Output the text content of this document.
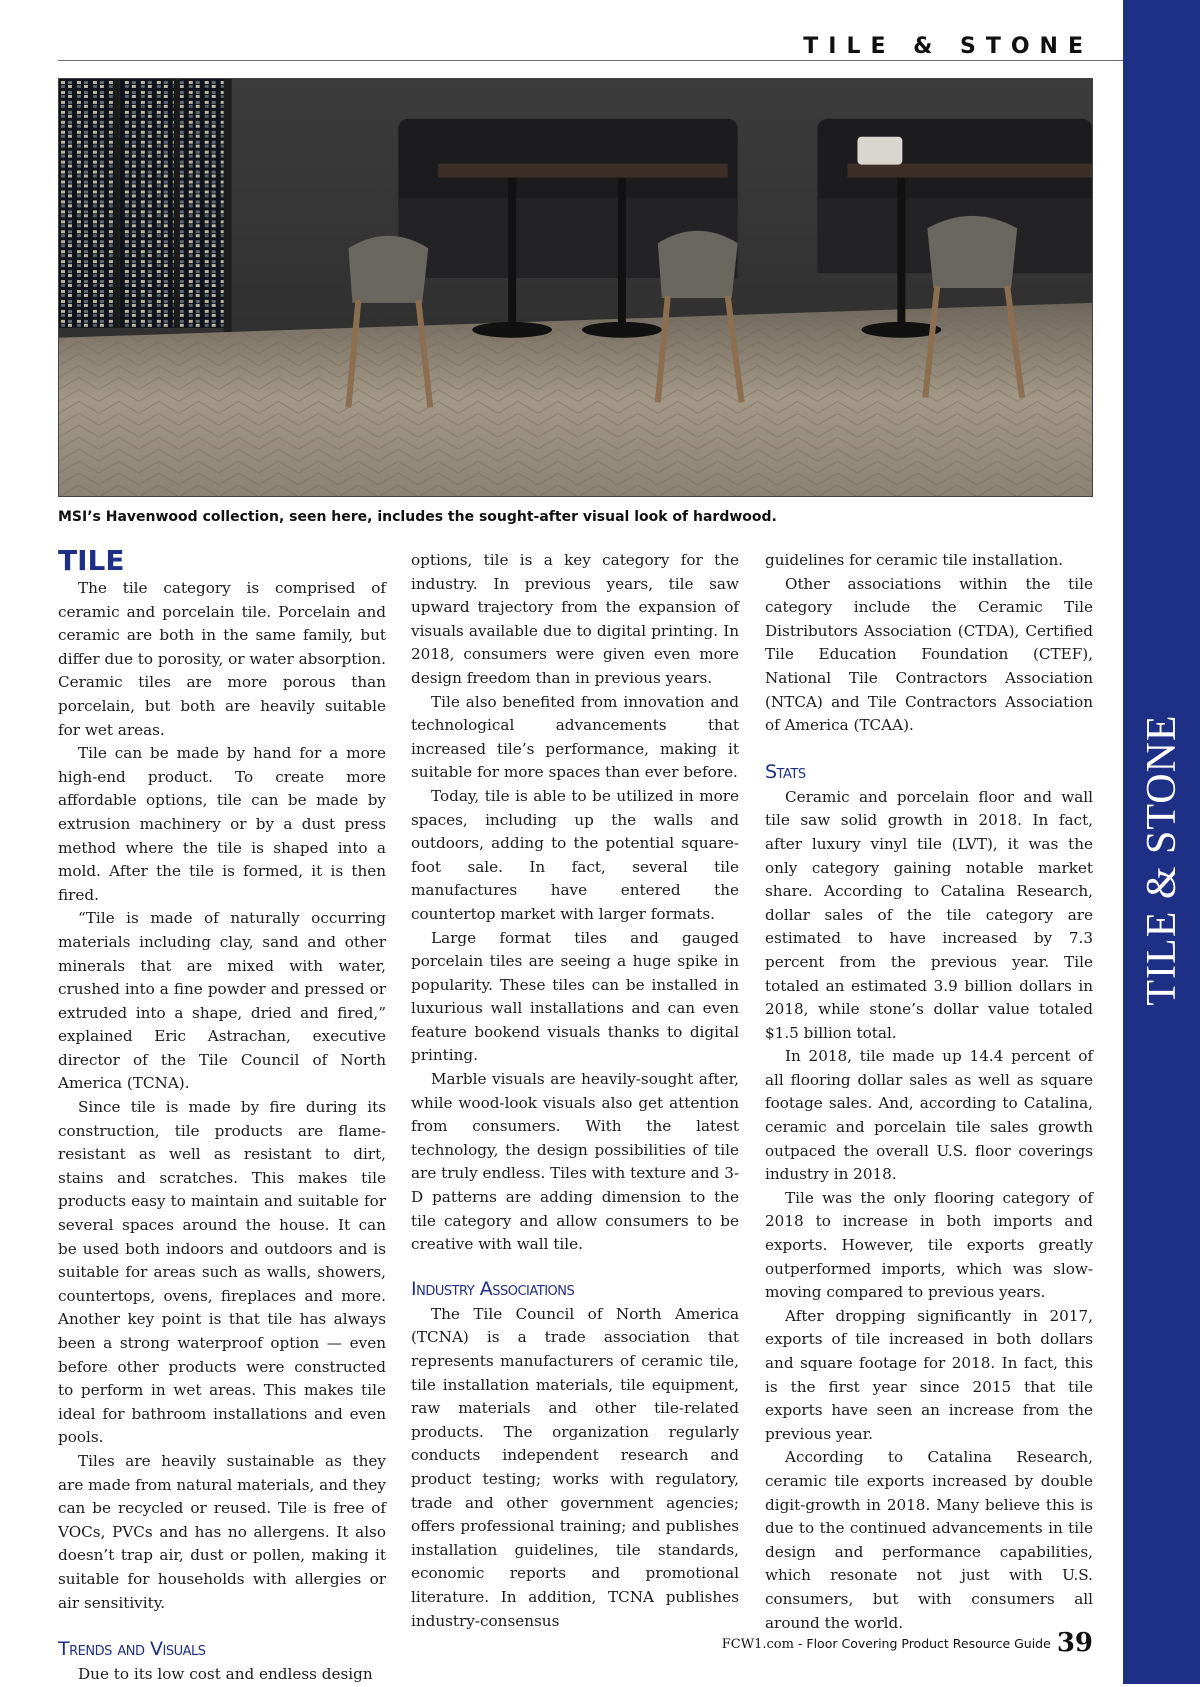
TILE & STONE
TILE & STONE
MSI’s Havenwood collection, seen here, includes the sought-after visual look of hardwood.
TILE

The tile category is comprised of ceramic and porcelain tile. Porcelain and ceramic are both in the same family, but differ due to porosity, or water absorption. Ceramic tiles are more porous than porcelain, but both are heavily suitable for wet areas.

Tile can be made by hand for a more high-end product. To create more affordable options, tile can be made by extrusion machinery or by a dust press method where the tile is shaped into a mold. After the tile is formed, it is then fired.

“Tile is made of naturally occurring materials including clay, sand and other minerals that are mixed with water, crushed into a fine powder and pressed or extruded into a shape, dried and fired,” explained Eric Astrachan, executive director of the Tile Council of North America (TCNA).

Since tile is made by fire during its construction, tile products are flame-resistant as well as resistant to dirt, stains and scratches. This makes tile products easy to maintain and suitable for several spaces around the house. It can be used both indoors and outdoors and is suitable for areas such as walls, showers, countertops, ovens, fireplaces and more. Another key point is that tile has always been a strong waterproof option — even before other products were constructed to perform in wet areas. This makes tile ideal for bathroom installations and even pools.

Tiles are heavily sustainable as they are made from natural materials, and they can be recycled or reused. Tile is free of VOCs, PVCs and has no allergens. It also doesn’t trap air, dust or pollen, making it suitable for households with allergies or air sensitivity.

Trends and Visuals

Due to its low cost and endless design

options, tile is a key category for the industry. In previous years, tile saw upward trajectory from the expansion of visuals available due to digital printing. In 2018, consumers were given even more design freedom than in previous years.

Tile also benefited from innovation and technological advancements that increased tile’s performance, making it suitable for more spaces than ever before.

Today, tile is able to be utilized in more spaces, including up the walls and outdoors, adding to the potential square-foot sale. In fact, several tile manufactures have entered the countertop market with larger formats.

Large format tiles and gauged porcelain tiles are seeing a huge spike in popularity. These tiles can be installed in luxurious wall installations and can even feature bookend visuals thanks to digital printing.

Marble visuals are heavily-sought after, while wood-look visuals also get attention from consumers. With the latest technology, the design possibilities of tile are truly endless. Tiles with texture and 3-D patterns are adding dimension to the tile category and allow consumers to be creative with wall tile.

Industry Associations

The Tile Council of North America (TCNA) is a trade association that represents manufacturers of ceramic tile, tile installation materials, tile equipment, raw materials and other tile-related products. The organization regularly conducts independent research and product testing; works with regulatory, trade and other government agencies; offers professional training; and publishes installation guidelines, tile standards, economic reports and promotional literature. In addition, TCNA publishes industry-consensus

guidelines for ceramic tile installation.

Other associations within the tile category include the Ceramic Tile Distributors Association (CTDA), Certified Tile Education Foundation (CTEF), National Tile Contractors Association (NTCA) and Tile Contractors Association of America (TCAA).

Stats

Ceramic and porcelain floor and wall tile saw solid growth in 2018. In fact, after luxury vinyl tile (LVT), it was the only category gaining notable market share. According to Catalina Research, dollar sales of the tile category are estimated to have increased by 7.3 percent from the previous year. Tile totaled an estimated 3.9 billion dollars in 2018, while stone’s dollar value totaled $1.5 billion total.

In 2018, tile made up 14.4 percent of all flooring dollar sales as well as square footage sales. And, according to Catalina, ceramic and porcelain tile sales growth outpaced the overall U.S. floor coverings industry in 2018.

Tile was the only flooring category of 2018 to increase in both imports and exports. However, tile exports greatly outperformed imports, which was slow-moving compared to previous years.

After dropping significantly in 2017, exports of tile increased in both dollars and square footage for 2018. In fact, this is the first year since 2015 that tile exports have seen an increase from the previous year.

According to Catalina Research, ceramic tile exports increased by double digit-growth in 2018. Many believe this is due to the continued advancements in tile design and performance capabilities, which resonate not just with U.S. consumers, but with consumers all around the world.

FCW1.com - Floor Covering Product Resource Guide 39
